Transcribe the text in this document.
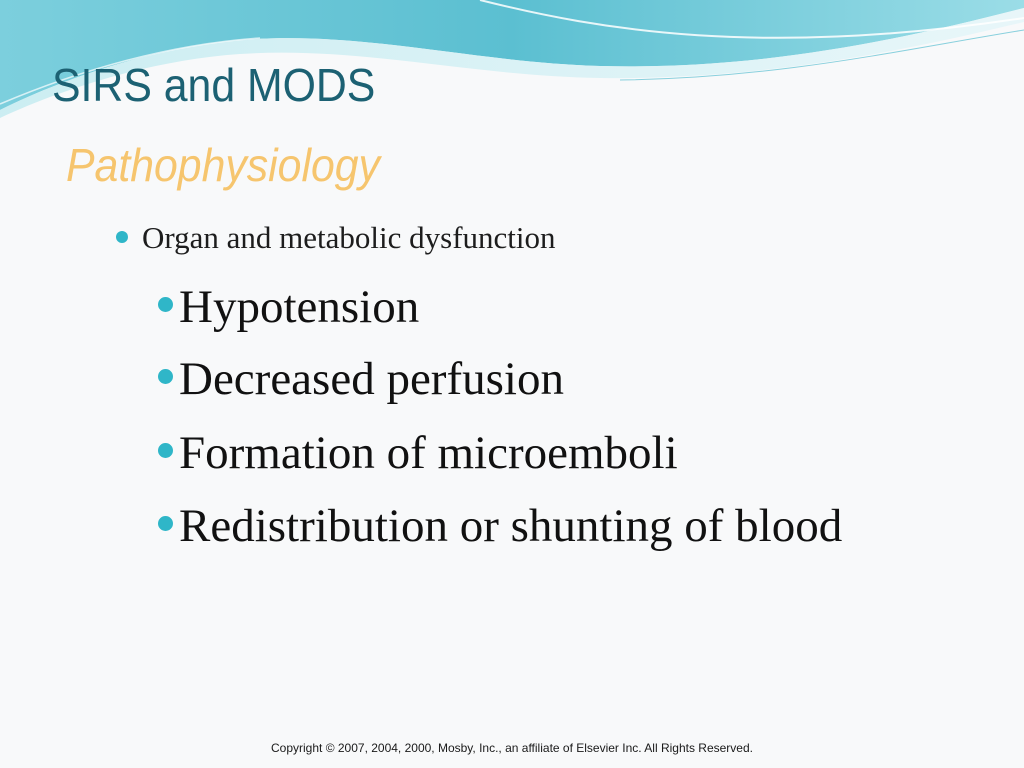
SIRS and MODS
Pathophysiology
Organ and metabolic dysfunction
Hypotension
Decreased perfusion
Formation of microemboli
Redistribution or shunting of blood
Copyright © 2007, 2004, 2000, Mosby, Inc., an affiliate of Elsevier Inc. All Rights Reserved.
